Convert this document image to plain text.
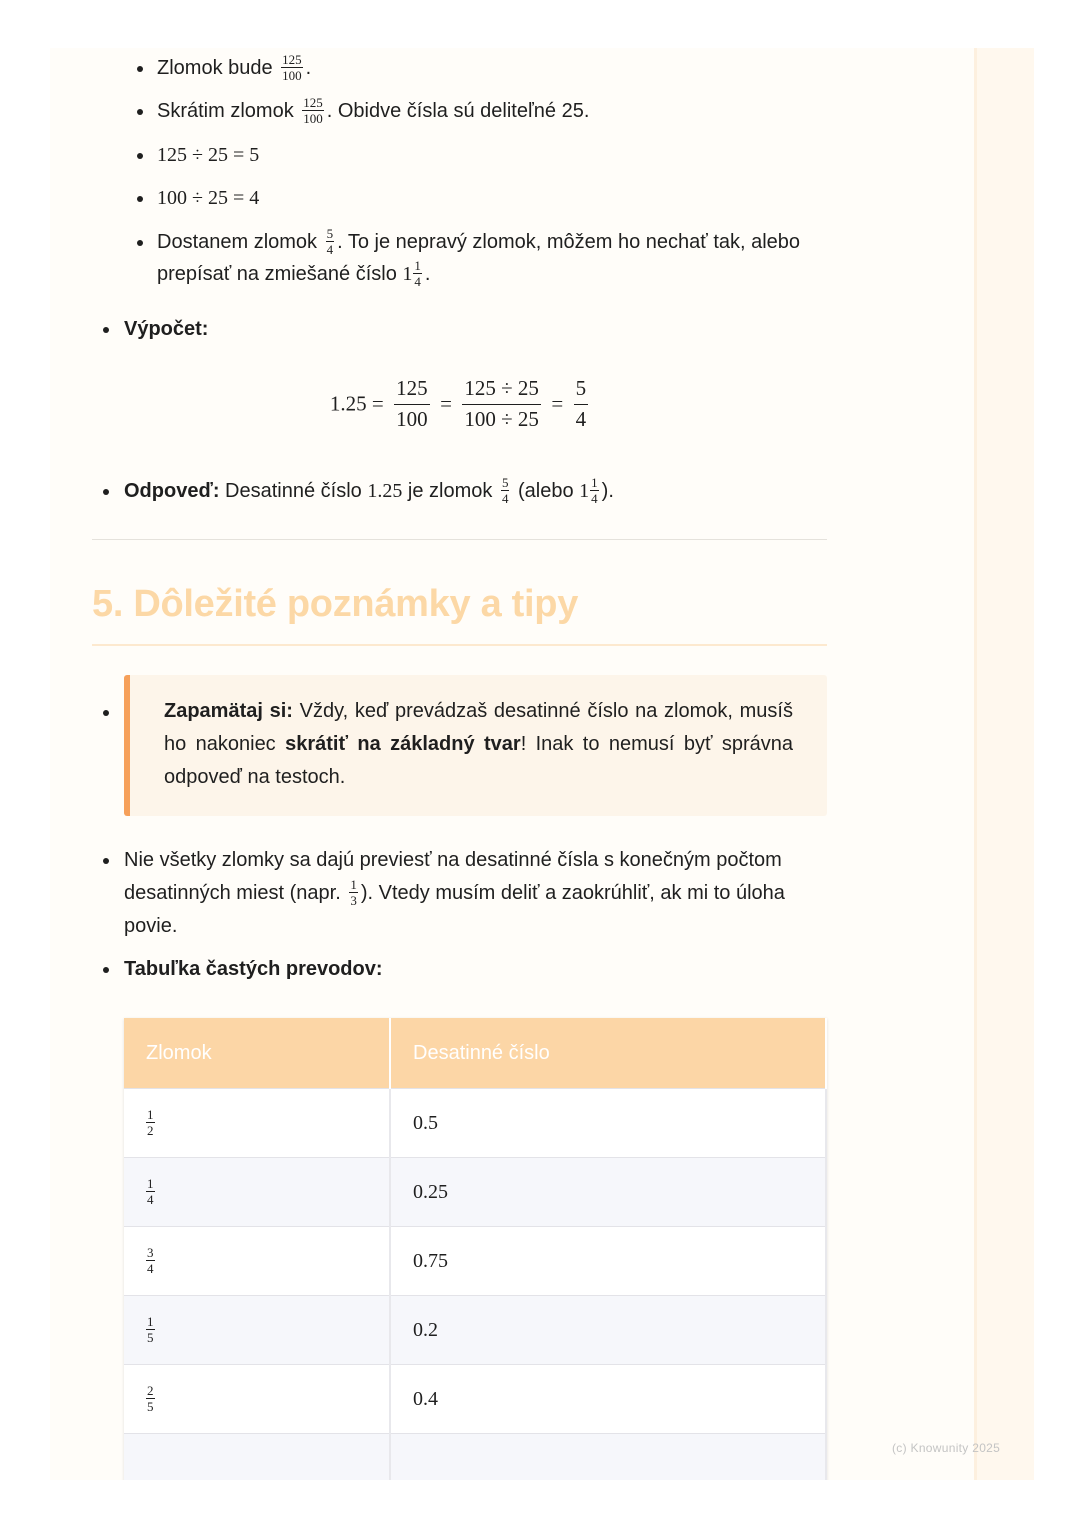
Zlomok bude $\frac{125}{100}$ .
Skrátim zlomok $\frac{125}{100}$ . Obidve čísla sú deliteľné 25.
125 ÷ 25 = 5
100 ÷ 25 = 4
Dostanem zlomok $\frac{5}{4}$ . To je nepravý zlomok, môžem ho nechať tak, alebo prepísať na zmiešané číslo $1 \frac{1}{4}$ .
Výpočet:
$1.25 = \frac{125}{100} = \frac{125 \div 25}{100 \div 25} = \frac{5}{4}$
Odpoveď: Desatinné číslo 1.25 je zlomok $\frac{5}{4}$ (alebo $1 \frac{1}{4}$ ).
5. Dôležité poznámky a tipy
Zapamätaj si: Vždy, keď prevádzaš desatinné číslo na zlomok, musíš ho nakoniec skrátiť na základný tvar! Inak to nemusí byť správna odpoveď na testoch.
Nie všetky zlomky sa dajú previesť na desatinné čísla s konečným počtom desatinných miest (napr. $\frac{1}{3}$ ). Vtedy musím deliť a zaokrúhliť, ak mi to úloha povie.
Tabuľka častých prevodov:
Zlomok	Desatinné číslo

$\frac{1}{2}$	0.5

$\frac{1}{4}$	0.25

$\frac{3}{4}$	0.75

$\frac{1}{5}$	0.2

$\frac{2}{5}$	0.4

(c) Knowunity 2025
